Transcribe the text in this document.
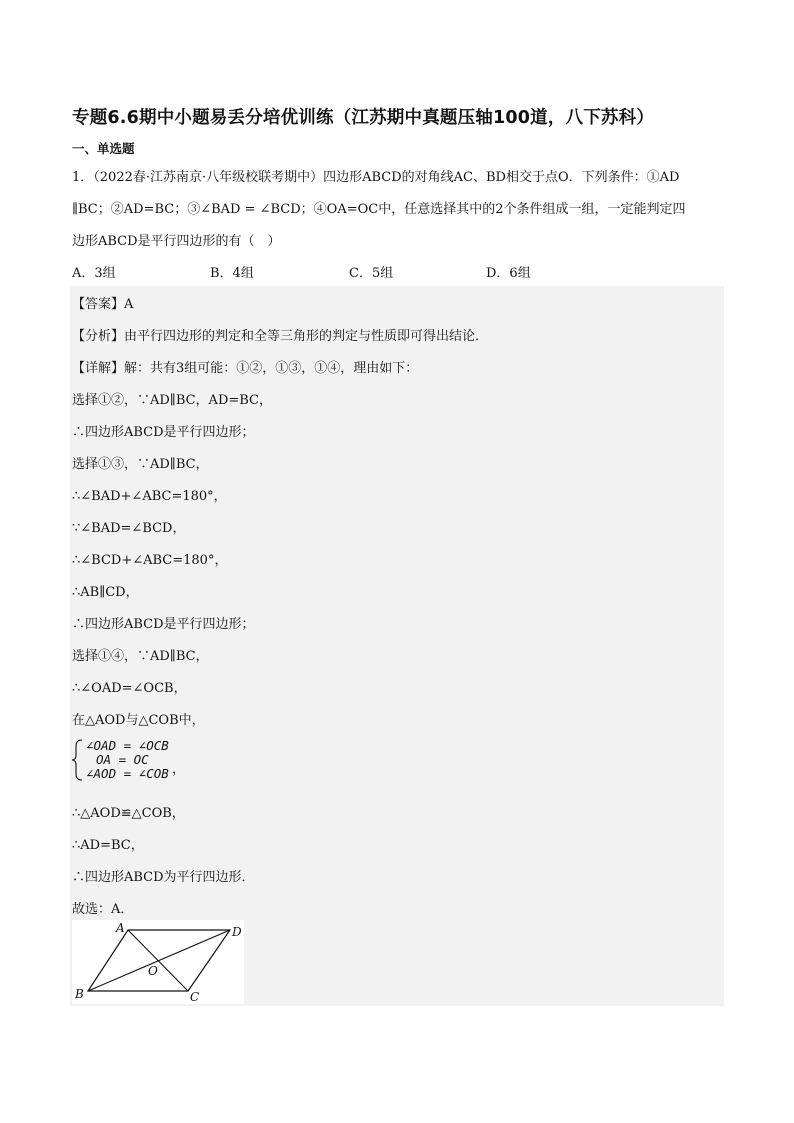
专题6.6期中小题易丢分培优训练（江苏期中真题压轴100道，八下苏科）
一、单选题
1．（2022春·江苏南京·八年级校联考期中）四边形ABCD的对角线AC、BD相交于点O．下列条件：①AD
∥BC；②AD=BC；③∠BAD = ∠BCD；④OA=OC中，任意选择其中的2个条件组成一组，一定能判定四
边形ABCD是平行四边形的有（　）
A．3组	B．4组	C．5组	D．6组
【答案】A
【分析】由平行四边形的判定和全等三角形的判定与性质即可得出结论．
【详解】解：共有3组可能：①②，①③，①④，理由如下：
选择①②，∵AD∥BC，AD=BC，
∴四边形ABCD是平行四边形；
选择①③，∵AD∥BC，
∴∠BAD+∠ABC=180°，
∵∠BAD=∠BCD，
∴∠BCD+∠ABC=180°，
∴AB∥CD，
∴四边形ABCD是平行四边形；
选择①④，∵AD∥BC，
∴∠OAD=∠OCB，
在△AOD与△COB中，
∠OAD = ∠OCB
OA = OC
∠AOD = ∠COB ，
∴△AOD≌△COB，
∴AD=BC，
∴四边形ABCD为平行四边形．
故选：A．
A	D
B	C
O
